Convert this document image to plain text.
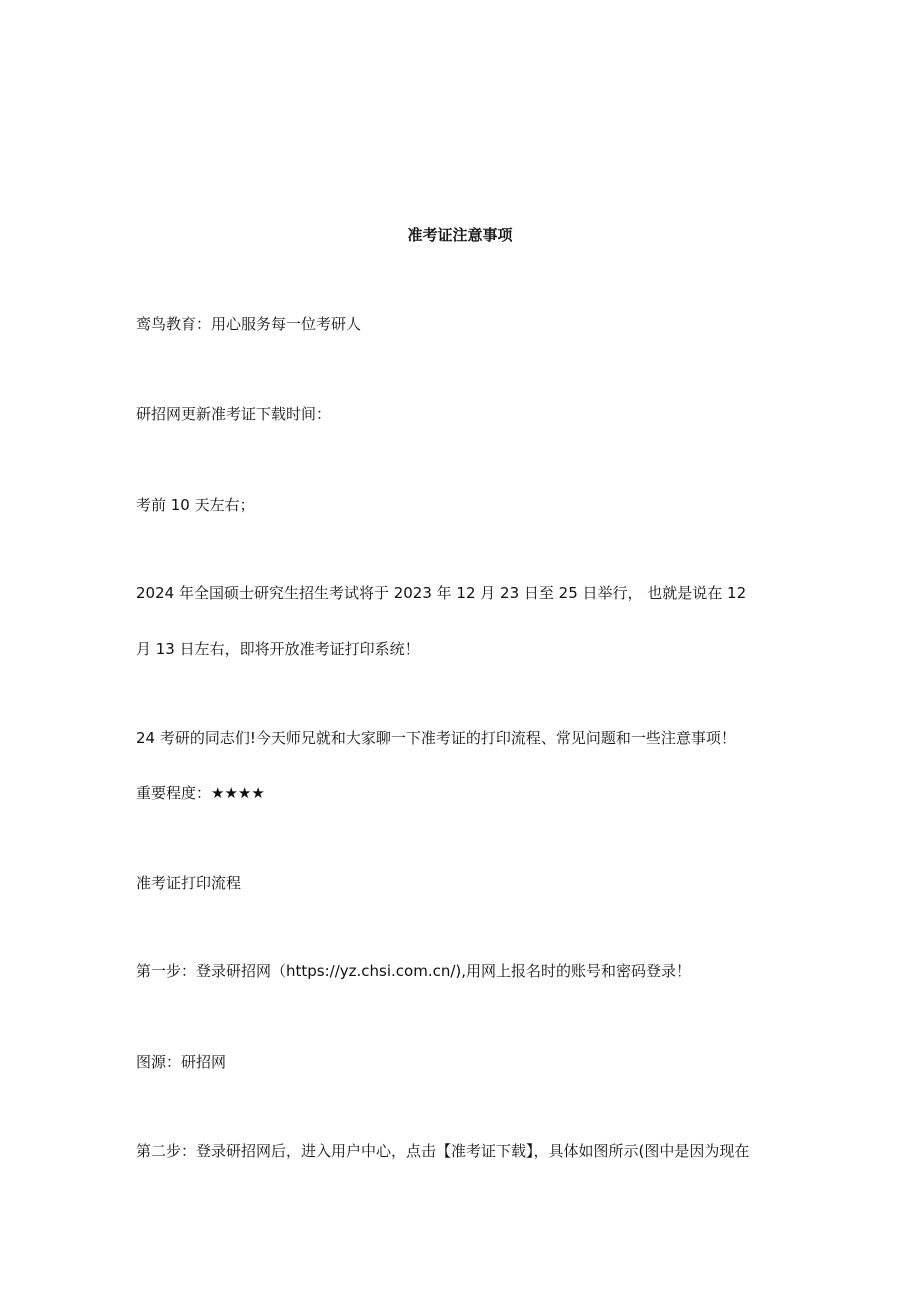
准考证注意事项
鸾鸟教育：用心服务每一位考研人
研招网更新准考证下载时间：
考前 10 天左右；
2024 年全国硕士研究生招生考试将于 2023 年 12 月 23 日至 25 日举行， 也就是说在 12
月 13 日左右，即将开放准考证打印系统！
24 考研的同志们!今天师兄就和大家聊一下准考证的打印流程、常见问题和一些注意事项！
重要程度：★★★★
准考证打印流程
第一步：登录研招网（https://yz.chsi.com.cn/),用网上报名时的账号和密码登录！
图源：研招网
第二步：登录研招网后，进入用户中心，点击【准考证下载】，具体如图所示(图中是因为现在
